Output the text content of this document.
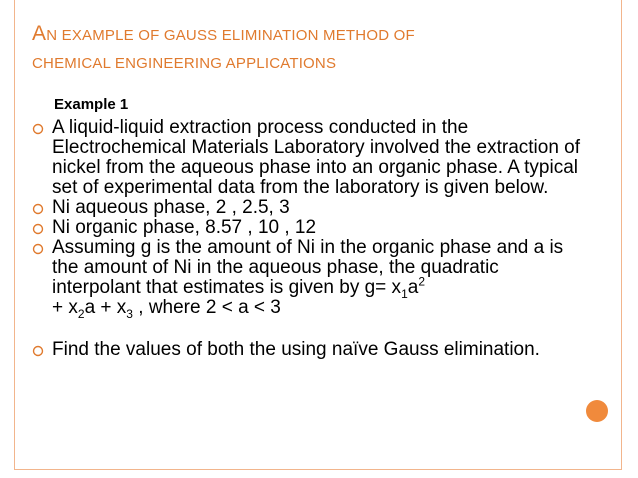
AN EXAMPLE OF GAUSS ELIMINATION METHOD OF
CHEMICAL ENGINEERING APPLICATIONS
Example 1
A liquid-liquid extraction process conducted in the Electrochemical Materials Laboratory involved the extraction of nickel from the aqueous phase into an organic phase. A typical set of experimental data from the laboratory is given below.
Ni aqueous phase, 2 , 2.5, 3
Ni organic phase, 8.57 , 10 , 12
Assuming g is the amount of Ni in the organic phase and a is the amount of Ni in the aqueous phase, the quadratic interpolant that estimates is given by $g= x_1a^2$
+ $x_2a + x_3$ , where 2 < a < 3
Find the values of both the using naïve Gauss elimination.
